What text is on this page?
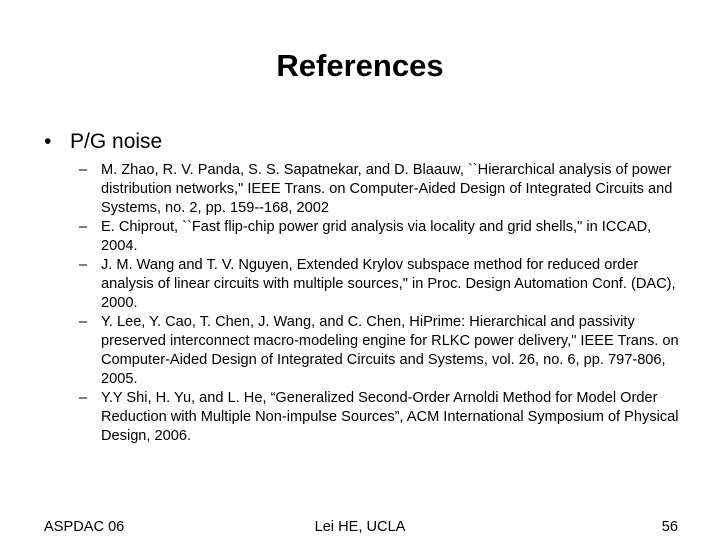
References
• P/G noise
– M. Zhao, R. V. Panda, S. S. Sapatnekar, and D. Blaauw, ``Hierarchical analysis of power distribution networks," IEEE Trans. on Computer-Aided Design of Integrated Circuits and Systems, no. 2, pp. 159--168, 2002
– E. Chiprout, ``Fast flip-chip power grid analysis via locality and grid shells," in ICCAD, 2004.
– J. M. Wang and T. V. Nguyen, Extended Krylov subspace method for reduced order analysis of linear circuits with multiple sources," in Proc. Design Automation Conf. (DAC), 2000.
– Y. Lee, Y. Cao, T. Chen, J. Wang, and C. Chen, HiPrime: Hierarchical and passivity preserved interconnect macro-modeling engine for RLKC power delivery," IEEE Trans. on Computer-Aided Design of Integrated Circuits and Systems, vol. 26, no. 6, pp. 797-806, 2005.
– Y.Y Shi, H. Yu, and L. He, “Generalized Second-Order Arnoldi Method for Model Order Reduction with Multiple Non-impulse Sources”, ACM International Symposium of Physical Design, 2006.
ASPDAC 06	Lei HE, UCLA	56
